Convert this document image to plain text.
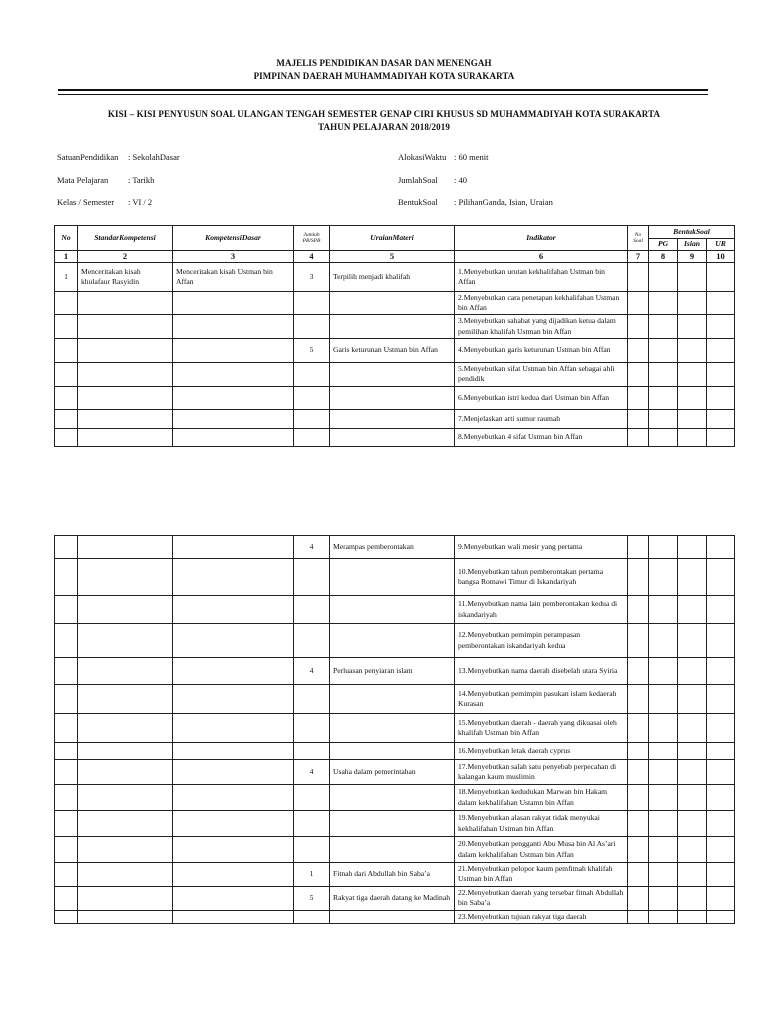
MAJELIS PENDIDIKAN DASAR DAN MENENGAH
PIMPINAN DAERAH MUHAMMADIYAH KOTA SURAKARTA
KISI – KISI PENYUSUN SOAL ULANGAN TENGAH SEMESTER GENAP CIRI KHUSUS SD MUHAMMADIYAH KOTA SURAKARTA
TAHUN PELAJARAN 2018/2019
SatuanPendidikan : SekolahDasar
Mata Pelajaran : Tarikh
Kelas / Semester : VI / 2
AlokasiWaktu : 60 menit
JumlahSoal : 40
BentukSoal : PilihanGanda, Isian, Uraian
No	StandarKompetensi	KompetensiDasar	Jumlah PB/SPB	UraianMateri	Indikator	No Soal	BentukSoal		
							PG	Isian	UR
1	2	3	4	5	6	7	8	9	10
1	Menceritakan kisah khulafaur Rasyidin	Menceritakan kisah Ustman bin Affan	3	Terpilih menjadi khalifah	1.Menyebutkan urutan kekhalifahan Ustman bin Affan				
					2.Menyebutkan cara penetapan kekhalifahan Ustman bin Affan				
					3.Menyebutkan sahabat yang dijadikan ketua dalam pemilihan khalifah Ustman bin Affan				
			5	Garis keturunan Ustman bin Affan	4.Menyebutkan garis keturunan Ustman bin Affan				
					5.Menyebutkan sifat Ustman bin Affan sebagai ahli pendidik				
					6.Menyebutkan istri kedua dari Ustman bin Affan				
					7.Menjelaskan arti sumur raumah				
					8.Menyebutkan 4 sifat Ustman bin Affan				
			4	Merampas pemberontakan	9.Menyebutkan wali mesir yang pertama				
					10.Menyebutkan tahun pemberontakan pertama bangsa Romawi Timur di Iskandariyah				
					11.Menyebutkan nama lain pemberontakan kedua di iskandariyah				
					12.Menyebutkan pemimpin perampasan pemberontakan iskandariyah kedua				
			4	Perluasan penyiaran islam	13.Menyebutkan nama daerah disebelah utara Syiria				
					14.Menyebutkan pemimpin pasukan islam kedaerah Kurasan				
					15.Menyebutkan daerah - daerah yang dikuasai oleh khalifah Ustman bin Affan				
					16.Menyebutkan letak daerah cyprus				
			4	Usaha dalam pemerintahan	17.Menyebutkan salah satu penyebab perpecahan di kalangan kaum muslimin				
					18.Menyebutkan kedudukan Marwan bin Hakam dalam kekhalifahan Ustamn bin Affan				
					19.Menyebutkan alasan rakyat tidak menyukai kekhalifahan Ustman bin Affan				
					20.Menyebutkan pengganti Abu Musa bin Al As’ari dalam kekhalifahan Ustman bin Affan				
			1	Fitnah dari Abdullah bin Saba’a	21.Menyebutkan pelopor kaum pemfitnah khalifah Ustman bin Affan				
			5	Rakyat tiga daerah datang ke Madinah	22.Menyebutkan daerah yang tersebar fitnah Abdullah bin Saba’a				
					23.Menyebutkan tujuan rakyat tiga daerah				
